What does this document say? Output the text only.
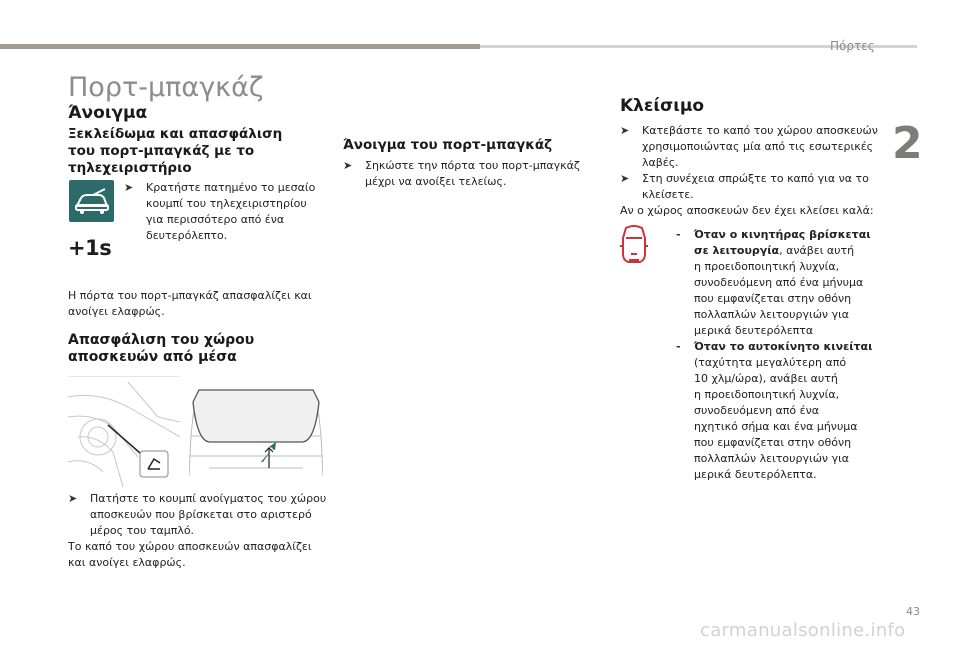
Πόρτες
2
Πορτ-μπαγκάζ
Άνοιγμα
Ξεκλείδωμα και απασφάλιση
του πορτ-μπαγκάζ με το
τηλεχειριστήριο
+1s
➤ Κρατήστε πατημένο το μεσαίο
κουμπί του τηλεχειριστηρίου
για περισσότερο από ένα
δευτερόλεπτο.
Η πόρτα του πορτ-μπαγκάζ απασφαλίζει και
ανοίγει ελαφρώς.
Απασφάλιση του χώρου
αποσκευών από μέσα
➤ Πατήστε το κουμπί ανοίγματος του χώρου
αποσκευών που βρίσκεται στο αριστερό
μέρος του ταμπλό.
Το καπό του χώρου αποσκευών απασφαλίζει
και ανοίγει ελαφρώς.
Άνοιγμα του πορτ-μπαγκάζ
➤ Σηκώστε την πόρτα του πορτ-μπαγκάζ
μέχρι να ανοίξει τελείως.
Κλείσιμο
➤ Κατεβάστε το καπό του χώρου αποσκευών
χρησιμοποιώντας μία από τις εσωτερικές
λαβές.
➤ Στη συνέχεια σπρώξτε το καπό για να το
κλείσετε.
Αν ο χώρος αποσκευών δεν έχει κλείσει καλά:
- Όταν ο κινητήρας βρίσκεται
σε λειτουργία, ανάβει αυτή
η προειδοποιητική λυχνία,
συνοδευόμενη από ένα μήνυμα
που εμφανίζεται στην οθόνη
πολλαπλών λειτουργιών για
μερικά δευτερόλεπτα
- Όταν το αυτοκίνητο κινείται
(ταχύτητα μεγαλύτερη από
10 χλμ/ώρα), ανάβει αυτή
η προειδοποιητική λυχνία,
συνοδευόμενη από ένα
ηχητικό σήμα και ένα μήνυμα
που εμφανίζεται στην οθόνη
πολλαπλών λειτουργιών για
μερικά δευτερόλεπτα.
43
carmanualsonline.info
